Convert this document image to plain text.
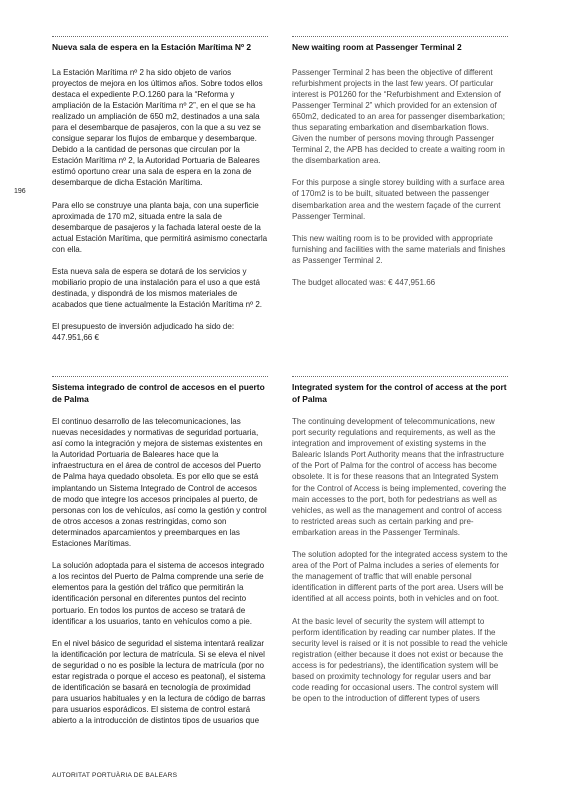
196

Nueva sala de espera en la Estación Marítima Nº 2

La Estación Marítima nº 2 ha sido objeto de varios proyectos de mejora en los últimos años. Sobre todos ellos destaca el expediente P.O.1260 para la “Reforma y ampliación de la Estación Marítima nº 2”, en el que se ha realizado un ampliación de 650 m2, destinados a una sala para el desembarque de pasajeros, con la que a su vez se consigue separar los flujos de embarque y desembarque. Debido a la cantidad de personas que circulan por la Estación Marítima nº 2, la Autoridad Portuaria de Baleares estimó oportuno crear una sala de espera en la zona de desembarque de dicha Estación Marítima.

Para ello se construye una planta baja, con una superficie aproximada de 170 m2, situada entre la sala de desembarque de pasajeros y la fachada lateral oeste de la actual Estación Marítima, que permitirá asimismo conectarla con ella.

Esta nueva sala de espera se dotará de los servicios y mobiliario propio de una instalación para el uso a que está destinada, y dispondrá de los mismos materiales de acabados que tiene actualmente la Estación Marítima nº 2.

El presupuesto de inversión adjudicado ha sido de: 447.951,66 €

New waiting room at Passenger Terminal 2

Passenger Terminal 2 has been the objective of different refurbishment projects in the last few years. Of particular interest is P01260 for the “Refurbishment and Extension of Passenger Terminal 2” which provided for an extension of 650m2, dedicated to an area for passenger disembarkation; thus separating embarkation and disembarkation flows. Given the number of persons moving through Passenger Terminal 2, the APB has decided to create a waiting room in the disembarkation area.

For this purpose a single storey building with a surface area of 170m2 is to be built, situated between the passenger disembarkation area and the western façade of the current Passenger Terminal.

This new waiting room is to be provided with appropriate furnishing and facilities with the same materials and finishes as Passenger Terminal 2.

The budget allocated was: € 447,951.66

Sistema integrado de control de accesos en el puerto de Palma

El continuo desarrollo de las telecomunicaciones, las nuevas necesidades y normativas de seguridad portuaria, así como la integración y mejora de sistemas existentes en la Autoridad Portuaria de Baleares hace que la infraestructura en el área de control de accesos del Puerto de Palma haya quedado obsoleta. Es por ello que se está implantando un Sistema Integrado de Control de accesos de modo que integre los accesos principales al puerto, de personas con los de vehículos, así como la gestión y control de otros accesos a zonas restringidas, como son determinados aparcamientos y preembarques en las Estaciones Marítimas.

La solución adoptada para el sistema de accesos integrado a los recintos del Puerto de Palma comprende una serie de elementos para la gestión del tráfico que permitirán la identificación personal en diferentes puntos del recinto portuario. En todos los puntos de acceso se tratará de identificar a los usuarios, tanto en vehículos como a pie.

En el nivel básico de seguridad el sistema intentará realizar la identificación por lectura de matrícula. Si se eleva el nivel de seguridad o no es posible la lectura de matrícula (por no estar registrada o porque el acceso es peatonal), el sistema de identificación se basará en tecnología de proximidad para usuarios habituales y en la lectura de código de barras para usuarios esporádicos. El sistema de control estará abierto a la introducción de distintos tipos de usuarios que

Integrated system for the control of access at the port of Palma

The continuing development of telecommunications, new port security regulations and requirements, as well as the integration and improvement of existing systems in the Balearic Islands Port Authority means that the infrastructure of the Port of Palma for the control of access has become obsolete. It is for these reasons that an Integrated System for the Control of Access is being implemented, covering the main accesses to the port, both for pedestrians as well as vehicles, as well as the management and control of access to restricted areas such as certain parking and pre-embarkation areas in the Passenger Terminals.

The solution adopted for the integrated access system to the area of the Port of Palma includes a series of elements for the management of traffic that will enable personal identification in different parts of the port area. Users will be identified at all access points, both in vehicles and on foot.

At the basic level of security the system will attempt to perform identification by reading car number plates. If the security level is raised or it is not possible to read the vehicle registration (either because it does not exist or because the access is for pedestrians), the identification system will be based on proximity technology for regular users and bar code reading for occasional users. The control system will be open to the introduction of different types of users

AUTORITAT PORTUÀRIA DE BALEARS
